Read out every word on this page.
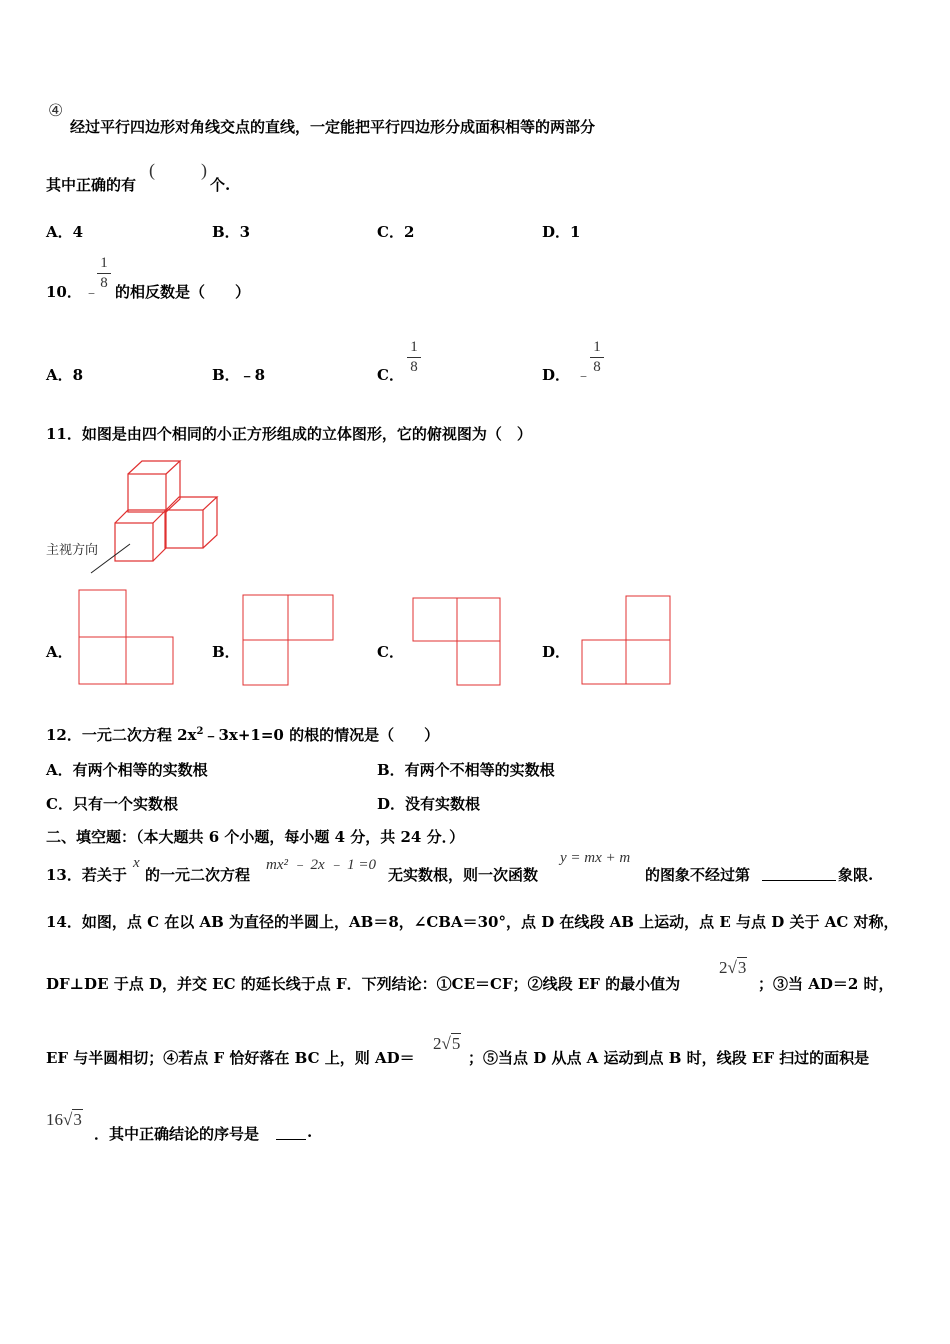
④
经过平行四边形对角线交点的直线，一定能把平行四边形分成面积相等的两部分
其中正确的有
(	)
个.
A．4	B．3	C．2	D．1
10． ﹣
1
8 的相反数是（　　）
A．8	B．﹣8	C．
1
8	D． ﹣
1
8
11．如图是由四个相同的小正方形组成的立体图形，它的俯视图为（　）
主视方向
A．	B．	C．	D．
12．一元二次方程 $2x^2﹣3x+1=0$ 的根的情况是（　　）
A．有两个相等的实数根	B．有两个不相等的实数根
C．只有一个实数根	D．没有实数根
二、填空题：（本大题共 6 个小题，每小题 4 分，共 24 分．）
13．若关于
x
的一元二次方程
mx² ﹣ 2x ﹣ 1 =0
无实数根，则一次函数
y = mx + m
的图象不经过第	象限.
14．如图，点 C 在以 AB 为直径的半圆上，AB＝8，∠CBA＝30°，点 D 在线段 AB 上运动，点 E 与点 D 关于 AC 对称，
DF⊥DE 于点 D，并交 EC 的延长线于点 F．下列结论：①CE＝CF；②线段 EF 的最小值为
2√3
；③当 AD＝2 时，
EF 与半圆相切；④若点 F 恰好落在 BC 上，则 AD＝
2√5
；⑤当点 D 从点 A 运动到点 B 时，线段 EF 扫过的面积是
16√3
．其中正确结论的序号是	.
